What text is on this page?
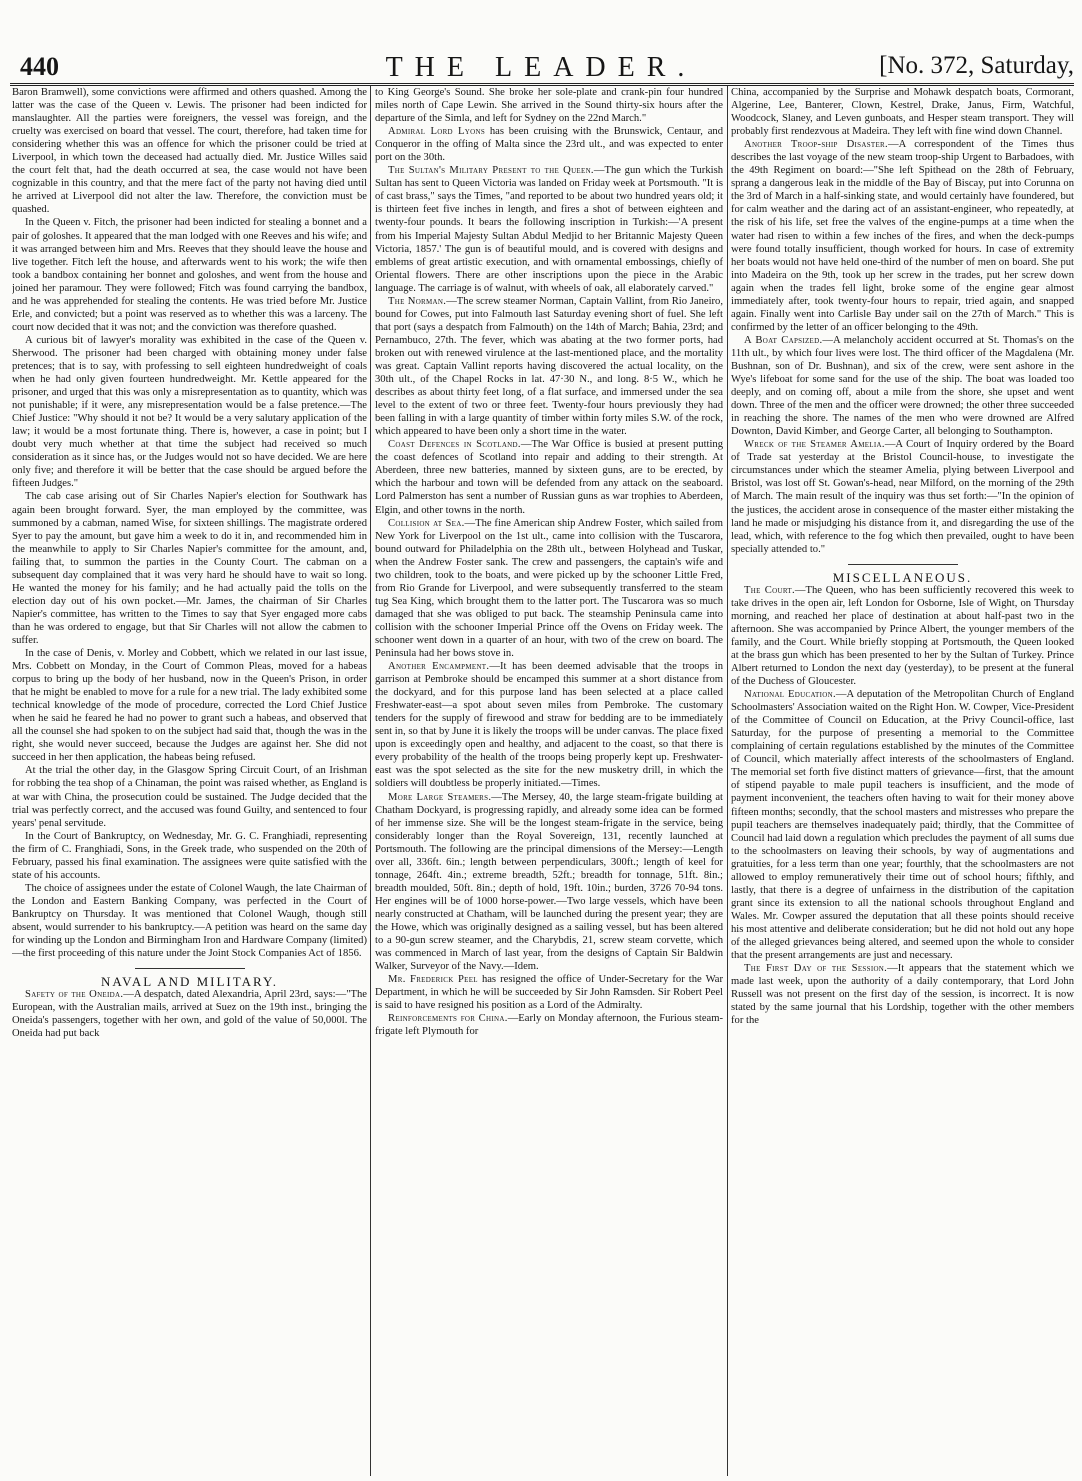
440	THE LEADER.	[No. 372, Saturday,

Baron Bramwell), some convictions were affirmed and others quashed. Among the latter was the case of the Queen v. Lewis. The prisoner had been indicted for manslaughter. All the parties were foreigners, the vessel was foreign, and the cruelty was exercised on board that vessel. The court, therefore, had taken time for considering whether this was an offence for which the prisoner could be tried at Liverpool, in which town the deceased had actually died. Mr. Justice Willes said the court felt that, had the death occurred at sea, the case would not have been cognizable in this country, and that the mere fact of the party not having died until he arrived at Liverpool did not alter the law. Therefore, the conviction must be quashed.

In the Queen v. Fitch, the prisoner had been indicted for stealing a bonnet and a pair of goloshes. It appeared that the man lodged with one Reeves and his wife; and it was arranged between him and Mrs. Reeves that they should leave the house and live together. Fitch left the house, and afterwards went to his work; the wife then took a bandbox containing her bonnet and goloshes, and went from the house and joined her paramour. They were followed; Fitch was found carrying the bandbox, and he was apprehended for stealing the contents. He was tried before Mr. Justice Erle, and convicted; but a point was reserved as to whether this was a larceny. The court now decided that it was not; and the conviction was therefore quashed.

A curious bit of lawyer's morality was exhibited in the case of the Queen v. Sherwood. The prisoner had been charged with obtaining money under false pretences; that is to say, with professing to sell eighteen hundredweight of coals when he had only given fourteen hundredweight. Mr. Kettle appeared for the prisoner, and urged that this was only a misrepresentation as to quantity, which was not punishable; if it were, any misrepresentation would be a false pretence.—The Chief Justice: "Why should it not be? It would be a very salutary application of the law; it would be a most fortunate thing. There is, however, a case in point; but I doubt very much whether at that time the subject had received so much consideration as it since has, or the Judges would not so have decided. We are here only five; and therefore it will be better that the case should be argued before the fifteen Judges."

The cab case arising out of Sir Charles Napier's election for Southwark has again been brought forward. Syer, the man employed by the committee, was summoned by a cabman, named Wise, for sixteen shillings. The magistrate ordered Syer to pay the amount, but gave him a week to do it in, and recommended him in the meanwhile to apply to Sir Charles Napier's committee for the amount, and, failing that, to summon the parties in the County Court. The cabman on a subsequent day complained that it was very hard he should have to wait so long. He wanted the money for his family; and he had actually paid the tolls on the election day out of his own pocket.—Mr. James, the chairman of Sir Charles Napier's committee, has written to the Times to say that Syer engaged more cabs than he was ordered to engage, but that Sir Charles will not allow the cabmen to suffer.

In the case of Denis, v. Morley and Cobbett, which we related in our last issue, Mrs. Cobbett on Monday, in the Court of Common Pleas, moved for a habeas corpus to bring up the body of her husband, now in the Queen's Prison, in order that he might be enabled to move for a rule for a new trial. The lady exhibited some technical knowledge of the mode of procedure, corrected the Lord Chief Justice when he said he feared he had no power to grant such a habeas, and observed that all the counsel she had spoken to on the subject had said that, though the was in the right, she would never succeed, because the Judges are against her. She did not succeed in her then application, the habeas being refused.

At the trial the other day, in the Glasgow Spring Circuit Court, of an Irishman for robbing the tea shop of a Chinaman, the point was raised whether, as England is at war with China, the prosecution could be sustained. The Judge decided that the trial was perfectly correct, and the accused was found Guilty, and sentenced to four years' penal servitude.

In the Court of Bankruptcy, on Wednesday, Mr. G. C. Franghiadi, representing the firm of C. Franghiadi, Sons, in the Greek trade, who suspended on the 20th of February, passed his final examination. The assignees were quite satisfied with the state of his accounts.

The choice of assignees under the estate of Colonel Waugh, the late Chairman of the London and Eastern Banking Company, was perfected in the Court of Bankruptcy on Thursday. It was mentioned that Colonel Waugh, though still absent, would surrender to his bankruptcy.—A petition was heard on the same day for winding up the London and Birmingham Iron and Hardware Company (limited)—the first proceeding of this nature under the Joint Stock Companies Act of 1856.

NAVAL AND MILITARY.

Safety of the Oneida.—A despatch, dated Alexandria, April 23rd, says:—"The European, with the Australian mails, arrived at Suez on the 19th inst., bringing the Oneida's passengers, together with her own, and gold of the value of 50,000l. The Oneida had put back

to King George's Sound. She broke her sole-plate and crank-pin four hundred miles north of Cape Lewin. She arrived in the Sound thirty-six hours after the departure of the Simla, and left for Sydney on the 22nd March."

Admiral Lord Lyons has been cruising with the Brunswick, Centaur, and Conqueror in the offing of Malta since the 23rd ult., and was expected to enter port on the 30th.

The Sultan's Military Present to the Queen.—The gun which the Turkish Sultan has sent to Queen Victoria was landed on Friday week at Portsmouth. "It is of cast brass," says the Times, "and reported to be about two hundred years old; it is thirteen feet five inches in length, and fires a shot of between eighteen and twenty-four pounds. It bears the following inscription in Turkish:—'A present from his Imperial Majesty Sultan Abdul Medjid to her Britannic Majesty Queen Victoria, 1857.' The gun is of beautiful mould, and is covered with designs and emblems of great artistic execution, and with ornamental embossings, chiefly of Oriental flowers. There are other inscriptions upon the piece in the Arabic language. The carriage is of walnut, with wheels of oak, all elaborately carved."

The Norman.—The screw steamer Norman, Captain Vallint, from Rio Janeiro, bound for Cowes, put into Falmouth last Saturday evening short of fuel. She left that port (says a despatch from Falmouth) on the 14th of March; Bahia, 23rd; and Pernambuco, 27th. The fever, which was abating at the two former ports, had broken out with renewed virulence at the last-mentioned place, and the mortality was great. Captain Vallint reports having discovered the actual locality, on the 30th ult., of the Chapel Rocks in lat. 47·30 N., and long. 8·5 W., which he describes as about thirty feet long, of a flat surface, and immersed under the sea level to the extent of two or three feet. Twenty-four hours previously they had been falling in with a large quantity of timber within forty miles S.W. of the rock, which appeared to have been only a short time in the water.

Coast Defences in Scotland.—The War Office is busied at present putting the coast defences of Scotland into repair and adding to their strength. At Aberdeen, three new batteries, manned by sixteen guns, are to be erected, by which the harbour and town will be defended from any attack on the seaboard. Lord Palmerston has sent a number of Russian guns as war trophies to Aberdeen, Elgin, and other towns in the north.

Collision at Sea.—The fine American ship Andrew Foster, which sailed from New York for Liverpool on the 1st ult., came into collision with the Tuscarora, bound outward for Philadelphia on the 28th ult., between Holyhead and Tuskar, when the Andrew Foster sank. The crew and passengers, the captain's wife and two children, took to the boats, and were picked up by the schooner Little Fred, from Rio Grande for Liverpool, and were subsequently transferred to the steam tug Sea King, which brought them to the latter port. The Tuscarora was so much damaged that she was obliged to put back. The steamship Peninsula came into collision with the schooner Imperial Prince off the Ovens on Friday week. The schooner went down in a quarter of an hour, with two of the crew on board. The Peninsula had her bows stove in.

Another Encampment.—It has been deemed advisable that the troops in garrison at Pembroke should be encamped this summer at a short distance from the dockyard, and for this purpose land has been selected at a place called Freshwater-east—a spot about seven miles from Pembroke. The customary tenders for the supply of firewood and straw for bedding are to be immediately sent in, so that by June it is likely the troops will be under canvas. The place fixed upon is exceedingly open and healthy, and adjacent to the coast, so that there is every probability of the health of the troops being properly kept up. Freshwater-east was the spot selected as the site for the new musketry drill, in which the soldiers will doubtless be properly initiated.—Times.

More Large Steamers.—The Mersey, 40, the large steam-frigate building at Chatham Dockyard, is progressing rapidly, and already some idea can be formed of her immense size. She will be the longest steam-frigate in the service, being considerably longer than the Royal Sovereign, 131, recently launched at Portsmouth. The following are the principal dimensions of the Mersey:—Length over all, 336ft. 6in.; length between perpendiculars, 300ft.; length of keel for tonnage, 264ft. 4in.; extreme breadth, 52ft.; breadth for tonnage, 51ft. 8in.; breadth moulded, 50ft. 8in.; depth of hold, 19ft. 10in.; burden, 3726 70-94 tons. Her engines will be of 1000 horse-power.—Two large vessels, which have been nearly constructed at Chatham, will be launched during the present year; they are the Howe, which was originally designed as a sailing vessel, but has been altered to a 90-gun screw steamer, and the Charybdis, 21, screw steam corvette, which was commenced in March of last year, from the designs of Captain Sir Baldwin Walker, Surveyor of the Navy.—Idem.

Mr. Frederick Peel has resigned the office of Under-Secretary for the War Department, in which he will be succeeded by Sir John Ramsden. Sir Robert Peel is said to have resigned his position as a Lord of the Admiralty.

Reinforcements for China.—Early on Monday afternoon, the Furious steam-frigate left Plymouth for

China, accompanied by the Surprise and Mohawk despatch boats, Cormorant, Algerine, Lee, Banterer, Clown, Kestrel, Drake, Janus, Firm, Watchful, Woodcock, Slaney, and Leven gunboats, and Hesper steam transport. They will probably first rendezvous at Madeira. They left with fine wind down Channel.

Another Troop-ship Disaster.—A correspondent of the Times thus describes the last voyage of the new steam troop-ship Urgent to Barbadoes, with the 49th Regiment on board:—"She left Spithead on the 28th of February, sprang a dangerous leak in the middle of the Bay of Biscay, put into Corunna on the 3rd of March in a half-sinking state, and would certainly have foundered, but for calm weather and the daring act of an assistant-engineer, who repeatedly, at the risk of his life, set free the valves of the engine-pumps at a time when the water had risen to within a few inches of the fires, and when the deck-pumps were found totally insufficient, though worked for hours. In case of extremity her boats would not have held one-third of the number of men on board. She put into Madeira on the 9th, took up her screw in the trades, put her screw down again when the trades fell light, broke some of the engine gear almost immediately after, took twenty-four hours to repair, tried again, and snapped again. Finally went into Carlisle Bay under sail on the 27th of March." This is confirmed by the letter of an officer belonging to the 49th.

A Boat Capsized.—A melancholy accident occurred at St. Thomas's on the 11th ult., by which four lives were lost. The third officer of the Magdalena (Mr. Bushnan, son of Dr. Bushnan), and six of the crew, were sent ashore in the Wye's lifeboat for some sand for the use of the ship. The boat was loaded too deeply, and on coming off, about a mile from the shore, she upset and went down. Three of the men and the officer were drowned; the other three succeeded in reaching the shore. The names of the men who were drowned are Alfred Downton, David Kimber, and George Carter, all belonging to Southampton.

Wreck of the Steamer Amelia.—A Court of Inquiry ordered by the Board of Trade sat yesterday at the Bristol Council-house, to investigate the circumstances under which the steamer Amelia, plying between Liverpool and Bristol, was lost off St. Gowan's-head, near Milford, on the morning of the 29th of March. The main result of the inquiry was thus set forth:—"In the opinion of the justices, the accident arose in consequence of the master either mistaking the land he made or misjudging his distance from it, and disregarding the use of the lead, which, with reference to the fog which then prevailed, ought to have been specially attended to."

MISCELLANEOUS.

The Court.—The Queen, who has been sufficiently recovered this week to take drives in the open air, left London for Osborne, Isle of Wight, on Thursday morning, and reached her place of destination at about half-past two in the afternoon. She was accompanied by Prince Albert, the younger members of the family, and the Court. While briefly stopping at Portsmouth, the Queen looked at the brass gun which has been presented to her by the Sultan of Turkey. Prince Albert returned to London the next day (yesterday), to be present at the funeral of the Duchess of Gloucester.

National Education.—A deputation of the Metropolitan Church of England Schoolmasters' Association waited on the Right Hon. W. Cowper, Vice-President of the Committee of Council on Education, at the Privy Council-office, last Saturday, for the purpose of presenting a memorial to the Committee complaining of certain regulations established by the minutes of the Committee of Council, which materially affect interests of the schoolmasters of England. The memorial set forth five distinct matters of grievance—first, that the amount of stipend payable to male pupil teachers is insufficient, and the mode of payment inconvenient, the teachers often having to wait for their money above fifteen months; secondly, that the school masters and mistresses who prepare the pupil teachers are themselves inadequately paid; thirdly, that the Committee of Council had laid down a regulation which precludes the payment of all sums due to the schoolmasters on leaving their schools, by way of augmentations and gratuities, for a less term than one year; fourthly, that the schoolmasters are not allowed to employ remuneratively their time out of school hours; fifthly, and lastly, that there is a degree of unfairness in the distribution of the capitation grant since its extension to all the national schools throughout England and Wales. Mr. Cowper assured the deputation that all these points should receive his most attentive and deliberate consideration; but he did not hold out any hope of the alleged grievances being altered, and seemed upon the whole to consider that the present arrangements are just and necessary.

The First Day of the Session.—It appears that the statement which we made last week, upon the authority of a daily contemporary, that Lord John Russell was not present on the first day of the session, is incorrect. It is now stated by the same journal that his Lordship, together with the other members for the
